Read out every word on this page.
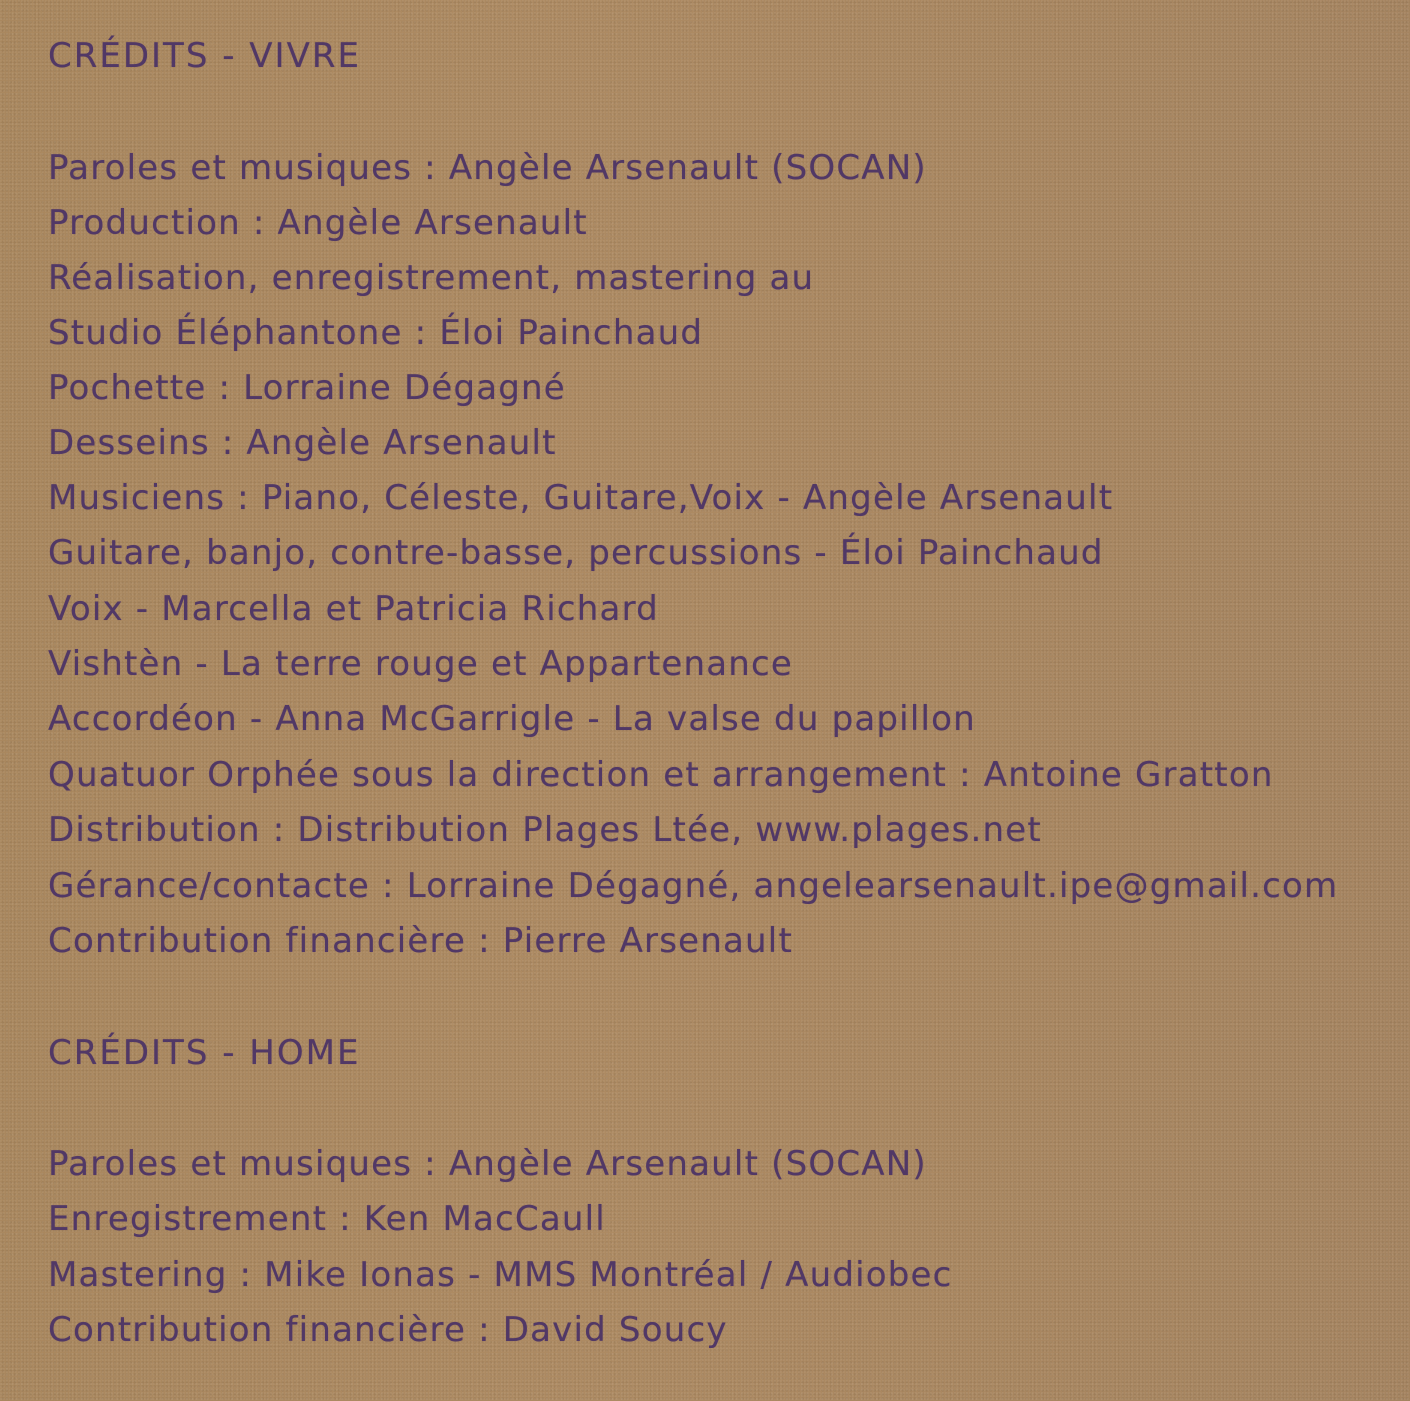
CRÉDITS - VIVRE

Paroles et musiques : Angèle Arsenault (SOCAN)

Production : Angèle Arsenault

Réalisation, enregistrement, mastering au

Studio Éléphantone : Éloi Painchaud

Pochette : Lorraine Dégagné

Desseins : Angèle Arsenault

Musiciens : Piano, Céleste, Guitare,Voix - Angèle Arsenault

Guitare, banjo, contre-basse, percussions - Éloi Painchaud

Voix - Marcella et Patricia Richard

Vishtèn - La terre rouge et Appartenance

Accordéon - Anna McGarrigle - La valse du papillon

Quatuor Orphée sous la direction et arrangement : Antoine Gratton

Distribution : Distribution Plages Ltée, www.plages.net

Gérance/contacte : Lorraine Dégagné, angelearsenault.ipe@gmail.com

Contribution financière : Pierre Arsenault

CRÉDITS - HOME

Paroles et musiques : Angèle Arsenault (SOCAN)

Enregistrement : Ken MacCaull

Mastering : Mike Ionas - MMS Montréal / Audiobec

Contribution financière : David Soucy
